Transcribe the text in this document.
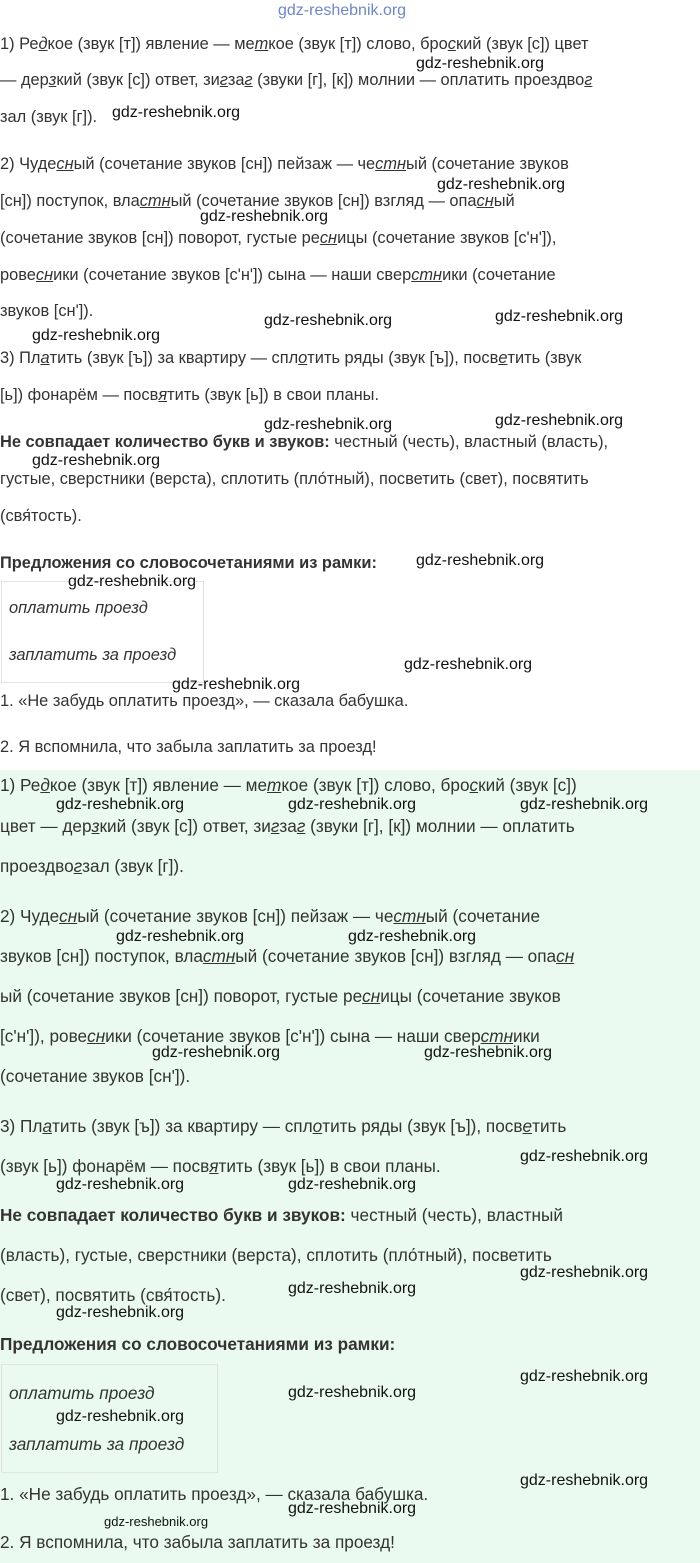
gdz-reshebnik.org
1) Редкое (звук [т]) явление — меткое (звук [т]) слово, броский (звук [с]) цвет
— дерзкий (звук [с]) ответ, зигзаг (звуки [г], [к]) молнии — оплатить проездвог
зал (звук [г]).
2) Чудесный (сочетание звуков [сн]) пейзаж — честный (сочетание звуков
[сн]) поступок, властный (сочетание звуков [сн]) взгляд — опасный
(сочетание звуков [сн]) поворот, густые ресницы (сочетание звуков [с'н']),
ровесники (сочетание звуков [с'н']) сына — наши сверстники (сочетание
звуков [сн']).
3) Платить (звук [ъ]) за квартиру — сплотить ряды (звук [ъ]), посветить (звук
[ь]) фонарём — посвятить (звук [ь]) в свои планы.
Не совпадает количество букв и звуков: честный (честь), властный (власть),
густые, сверстники (верста), сплотить (пло́тный), посветить (свет), посвятить
(свя́тость).
Предложения со словосочетаниями из рамки:
оплатить проезд
заплатить за проезд
1. «Не забудь оплатить проезд», — сказала бабушка.
2. Я вспомнила, что забыла заплатить за проезд!
gdz-reshebnik.org
gdz-reshebnik.org
gdz-reshebnik.org
gdz-reshebnik.org
gdz-reshebnik.org	gdz-reshebnik.org
gdz-reshebnik.org
gdz-reshebnik.org	gdz-reshebnik.org
gdz-reshebnik.org
gdz-reshebnik.org
gdz-reshebnik.org
gdz-reshebnik.org
gdz-reshebnik.org
1) Редкое (звук [т]) явление — меткое (звук [т]) слово, броский (звук [с])
цвет — дерзкий (звук [с]) ответ, зигзаг (звуки [г], [к]) молнии — оплатить
проездвогзал (звук [г]).
2) Чудесный (сочетание звуков [сн]) пейзаж — честный (сочетание
звуков [сн]) поступок, властный (сочетание звуков [сн]) взгляд — опасн
ый (сочетание звуков [сн]) поворот, густые ресницы (сочетание звуков
[с'н']), ровесники (сочетание звуков [с'н']) сына — наши сверстники
(сочетание звуков [сн']).
3) Платить (звук [ъ]) за квартиру — сплотить ряды (звук [ъ]), посветить
(звук [ь]) фонарём — посвятить (звук [ь]) в свои планы.
Не совпадает количество букв и звуков: честный (честь), властный
(власть), густые, сверстники (верста), сплотить (пло́тный), посветить
(свет), посвятить (свя́тость).
Предложения со словосочетаниями из рамки:
оплатить проезд
заплатить за проезд
1. «Не забудь оплатить проезд», — сказала бабушка.
2. Я вспомнила, что забыла заплатить за проезд!
gdz-reshebnik.org	gdz-reshebnik.org	gdz-reshebnik.org
gdz-reshebnik.org	gdz-reshebnik.org
gdz-reshebnik.org	gdz-reshebnik.org
gdz-reshebnik.org
gdz-reshebnik.org	gdz-reshebnik.org
gdz-reshebnik.org
gdz-reshebnik.org
gdz-reshebnik.org
gdz-reshebnik.org
gdz-reshebnik.org
gdz-reshebnik.org
gdz-reshebnik.org
gdz-reshebnik.org
gdz-reshebnik.org
